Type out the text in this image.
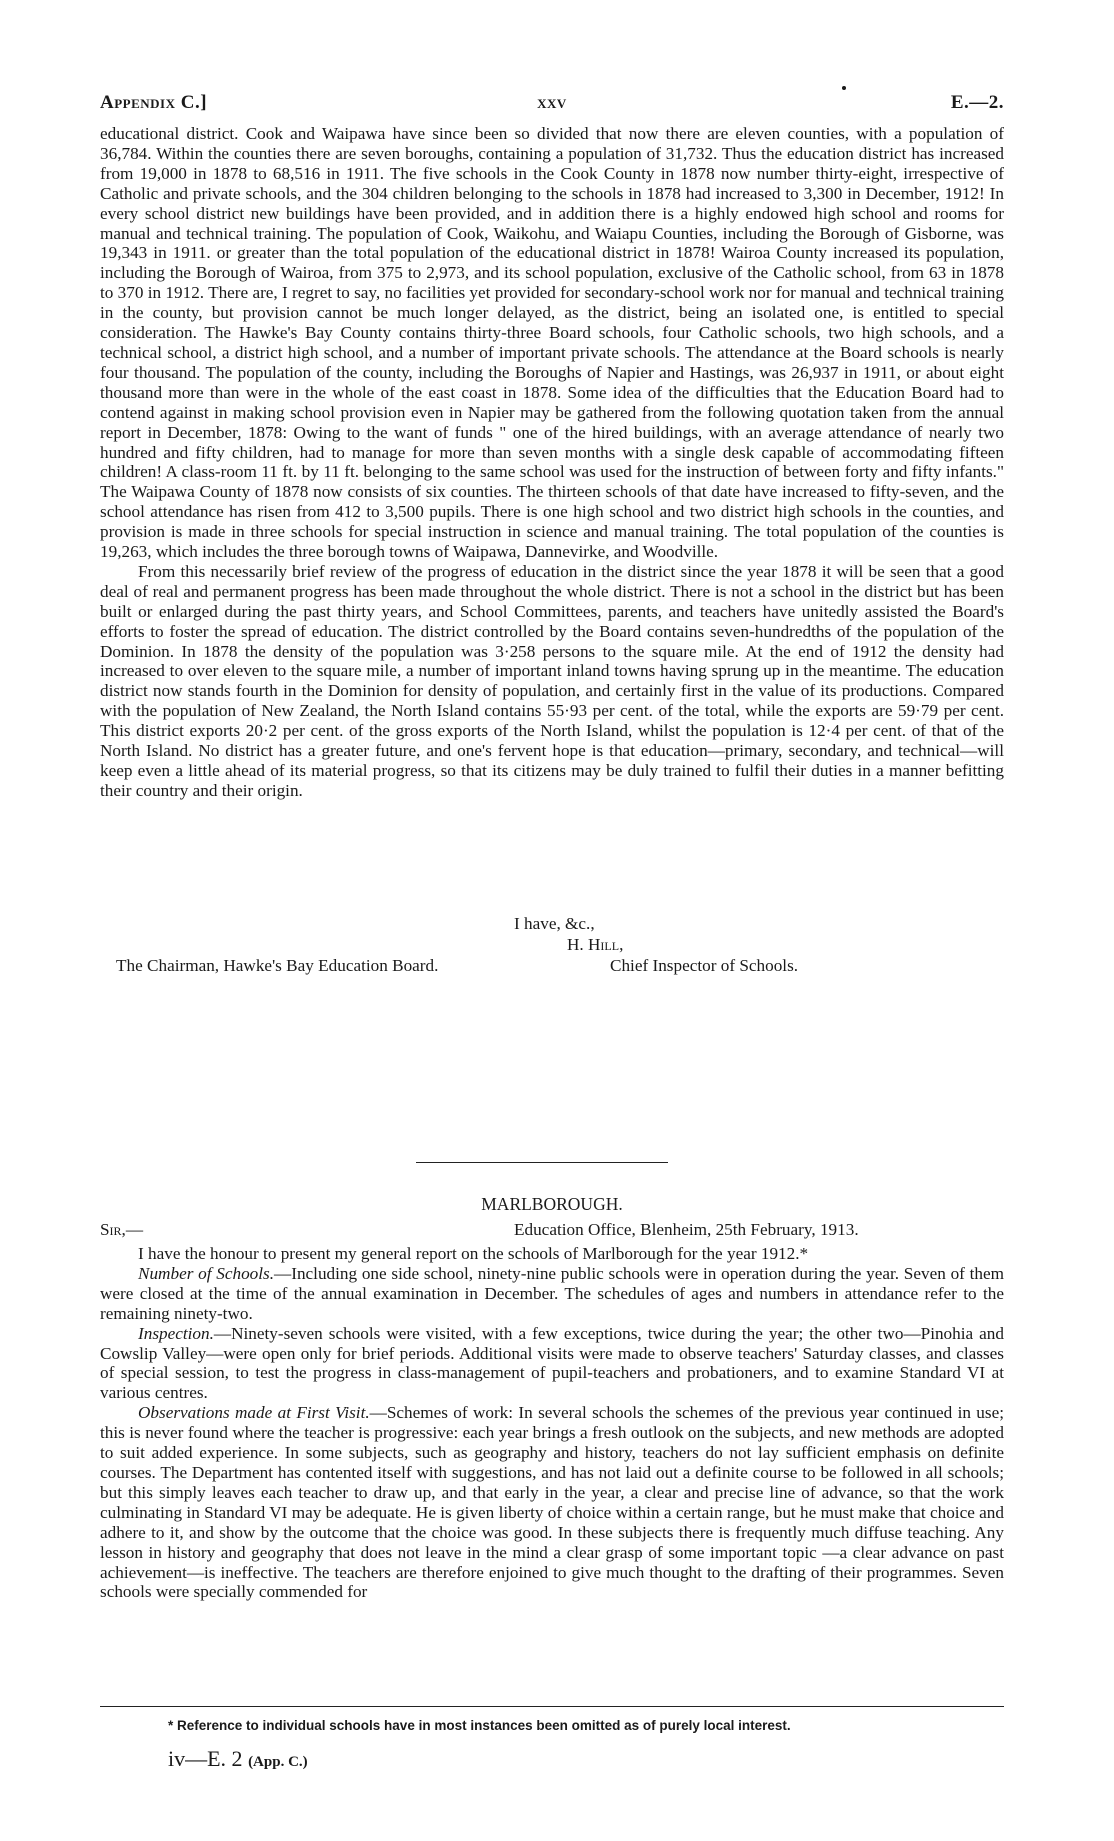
Appendix C.]	xxv	E.—2.

educational district. Cook and Waipawa have since been so divided that now there are eleven counties, with a population of 36,784. Within the counties there are seven boroughs, containing a population of 31,732. Thus the education district has increased from 19,000 in 1878 to 68,516 in 1911. The five schools in the Cook County in 1878 now number thirty-eight, irrespective of Catholic and private schools, and the 304 children belonging to the schools in 1878 had increased to 3,300 in December, 1912! In every school district new buildings have been provided, and in addition there is a highly endowed high school and rooms for manual and technical training. The population of Cook, Waikohu, and Waiapu Counties, including the Borough of Gisborne, was 19,343 in 1911. or greater than the total population of the educational district in 1878! Wairoa County increased its population, including the Borough of Wairoa, from 375 to 2,973, and its school population, exclusive of the Catholic school, from 63 in 1878 to 370 in 1912. There are, I regret to say, no facilities yet provided for secondary-school work nor for manual and technical training in the county, but provision cannot be much longer delayed, as the district, being an isolated one, is entitled to special consideration. The Hawke's Bay County contains thirty-three Board schools, four Catholic schools, two high schools, and a technical school, a district high school, and a number of important private schools. The attendance at the Board schools is nearly four thousand. The population of the county, including the Boroughs of Napier and Hastings, was 26,937 in 1911, or about eight thousand more than were in the whole of the east coast in 1878. Some idea of the difficulties that the Education Board had to contend against in making school provision even in Napier may be gathered from the following quotation taken from the annual report in December, 1878: Owing to the want of funds " one of the hired buildings, with an average attendance of nearly two hundred and fifty children, had to manage for more than seven months with a single desk capable of accommodating fifteen children! A class-room 11 ft. by 11 ft. belonging to the same school was used for the instruction of between forty and fifty infants." The Waipawa County of 1878 now consists of six counties. The thirteen schools of that date have increased to fifty-seven, and the school attendance has risen from 412 to 3,500 pupils. There is one high school and two district high schools in the counties, and provision is made in three schools for special instruction in science and manual training. The total population of the counties is 19,263, which includes the three borough towns of Waipawa, Dannevirke, and Woodville.

From this necessarily brief review of the progress of education in the district since the year 1878 it will be seen that a good deal of real and permanent progress has been made throughout the whole district. There is not a school in the district but has been built or enlarged during the past thirty years, and School Committees, parents, and teachers have unitedly assisted the Board's efforts to foster the spread of education. The district controlled by the Board contains seven-hundredths of the population of the Dominion. In 1878 the density of the population was 3·258 persons to the square mile. At the end of 1912 the density had increased to over eleven to the square mile, a number of important inland towns having sprung up in the meantime. The education district now stands fourth in the Dominion for density of population, and certainly first in the value of its productions. Compared with the population of New Zealand, the North Island contains 55·93 per cent. of the total, while the exports are 59·79 per cent. This district exports 20·2 per cent. of the gross exports of the North Island, whilst the population is 12·4 per cent. of that of the North Island. No district has a greater future, and one's fervent hope is that education—primary, secondary, and technical—will keep even a little ahead of its material progress, so that its citizens may be duly trained to fulfil their duties in a manner befitting their country and their origin.

I have, &c.,
H. Hill,
The Chairman, Hawke's Bay Education Board.	Chief Inspector of Schools.
MARLBOROUGH.
Sir,—	Education Office, Blenheim, 25th February, 1913.

I have the honour to present my general report on the schools of Marlborough for the year 1912.*

Number of Schools.—Including one side school, ninety-nine public schools were in operation during the year. Seven of them were closed at the time of the annual examination in December. The schedules of ages and numbers in attendance refer to the remaining ninety-two.

Inspection.—Ninety-seven schools were visited, with a few exceptions, twice during the year; the other two—Pinohia and Cowslip Valley—were open only for brief periods. Additional visits were made to observe teachers' Saturday classes, and classes of special session, to test the progress in class-management of pupil-teachers and probationers, and to examine Standard VI at various centres.

Observations made at First Visit.—Schemes of work: In several schools the schemes of the previous year continued in use; this is never found where the teacher is progressive: each year brings a fresh outlook on the subjects, and new methods are adopted to suit added experience. In some subjects, such as geography and history, teachers do not lay sufficient emphasis on definite courses. The Department has contented itself with suggestions, and has not laid out a definite course to be followed in all schools; but this simply leaves each teacher to draw up, and that early in the year, a clear and precise line of advance, so that the work culminating in Standard VI may be adequate. He is given liberty of choice within a certain range, but he must make that choice and adhere to it, and show by the outcome that the choice was good. In these subjects there is frequently much diffuse teaching. Any lesson in history and geography that does not leave in the mind a clear grasp of some important topic —a clear advance on past achievement—is ineffective. The teachers are therefore enjoined to give much thought to the drafting of their programmes. Seven schools were specially commended for

* Reference to individual schools have in most instances been omitted as of purely local interest.
iv—E. 2 (App. C.)
